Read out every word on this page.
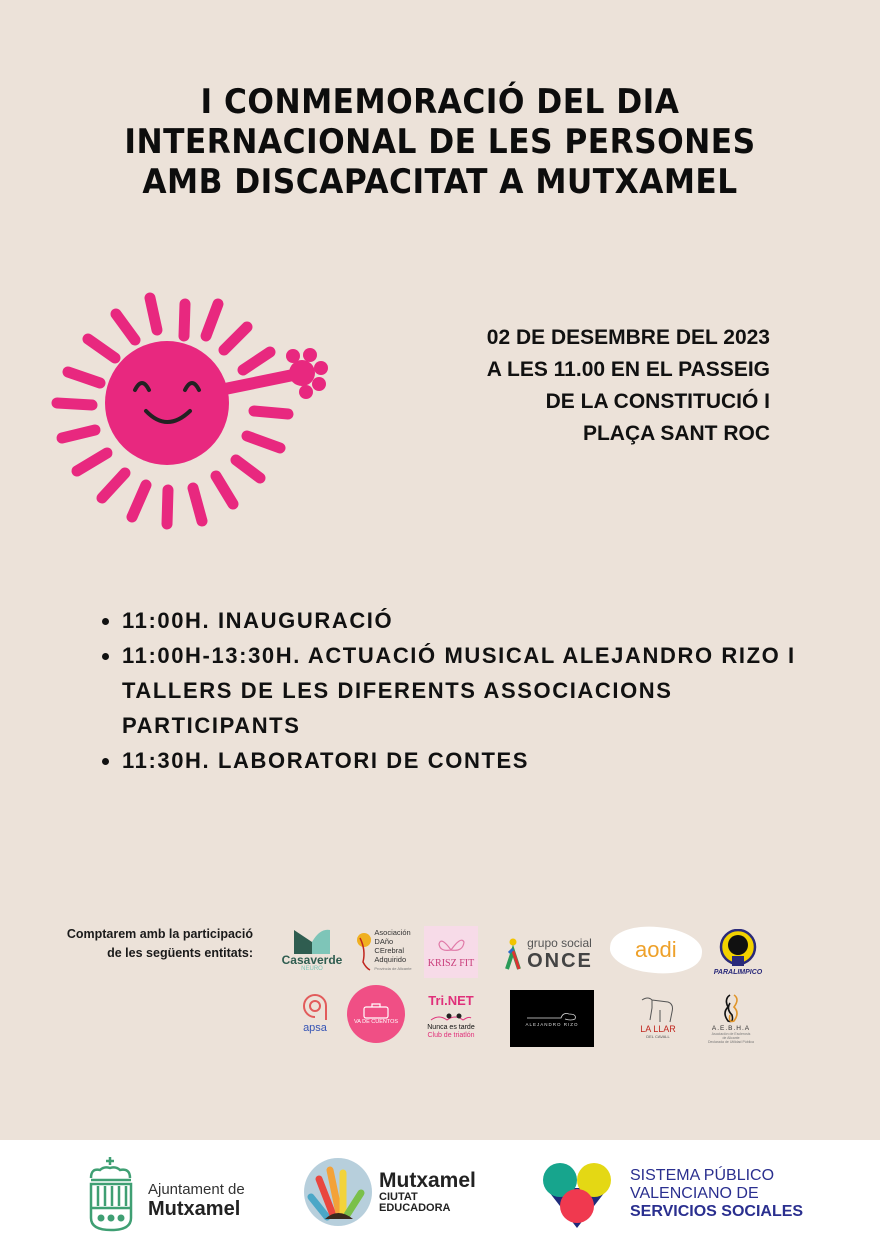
I CONMEMORACIÓ DEL DIA
INTERNACIONAL DE LES PERSONES
AMB DISCAPACITAT A MUTXAMEL
02 DE DESEMBRE DEL 2023
A LES 11.00 EN EL PASSEIG
DE LA CONSTITUCIÓ I
PLAÇA SANT ROC
11:00H. INAUGURACIÓ
11:00H-13:30H. ACTUACIÓ MUSICAL ALEJANDRO RIZO I TALLERS DE LES DIFERENTS ASSOCIACIONS PARTICIPANTS
11:30H. LABORATORI DE CONTES
Comptarem amb la participació
de les següents entitats: Casaverde
NEURO
Asociación
DAño
CErebral
Adquirido
Provincia de Alicante KRISZ FIT
grupo social
ONCE aodi
PARALIMPICO
apsa	VA DE CUENTOS
Tri.NET
Nunca es tarde
Club de triatlón
ALEJANDRO RIZO	LA LLAR
DEL CAVALL
A.E.B.H.A
Asociación de Esclerosis
de Alicante
Declarada de Utilidad Pública
Ajuntament de
Mutxamel
Mutxamel
CIUTAT
EDUCADORA
SISTEMA PÚBLICO
VALENCIANO DE
SERVICIOS SOCIALES
